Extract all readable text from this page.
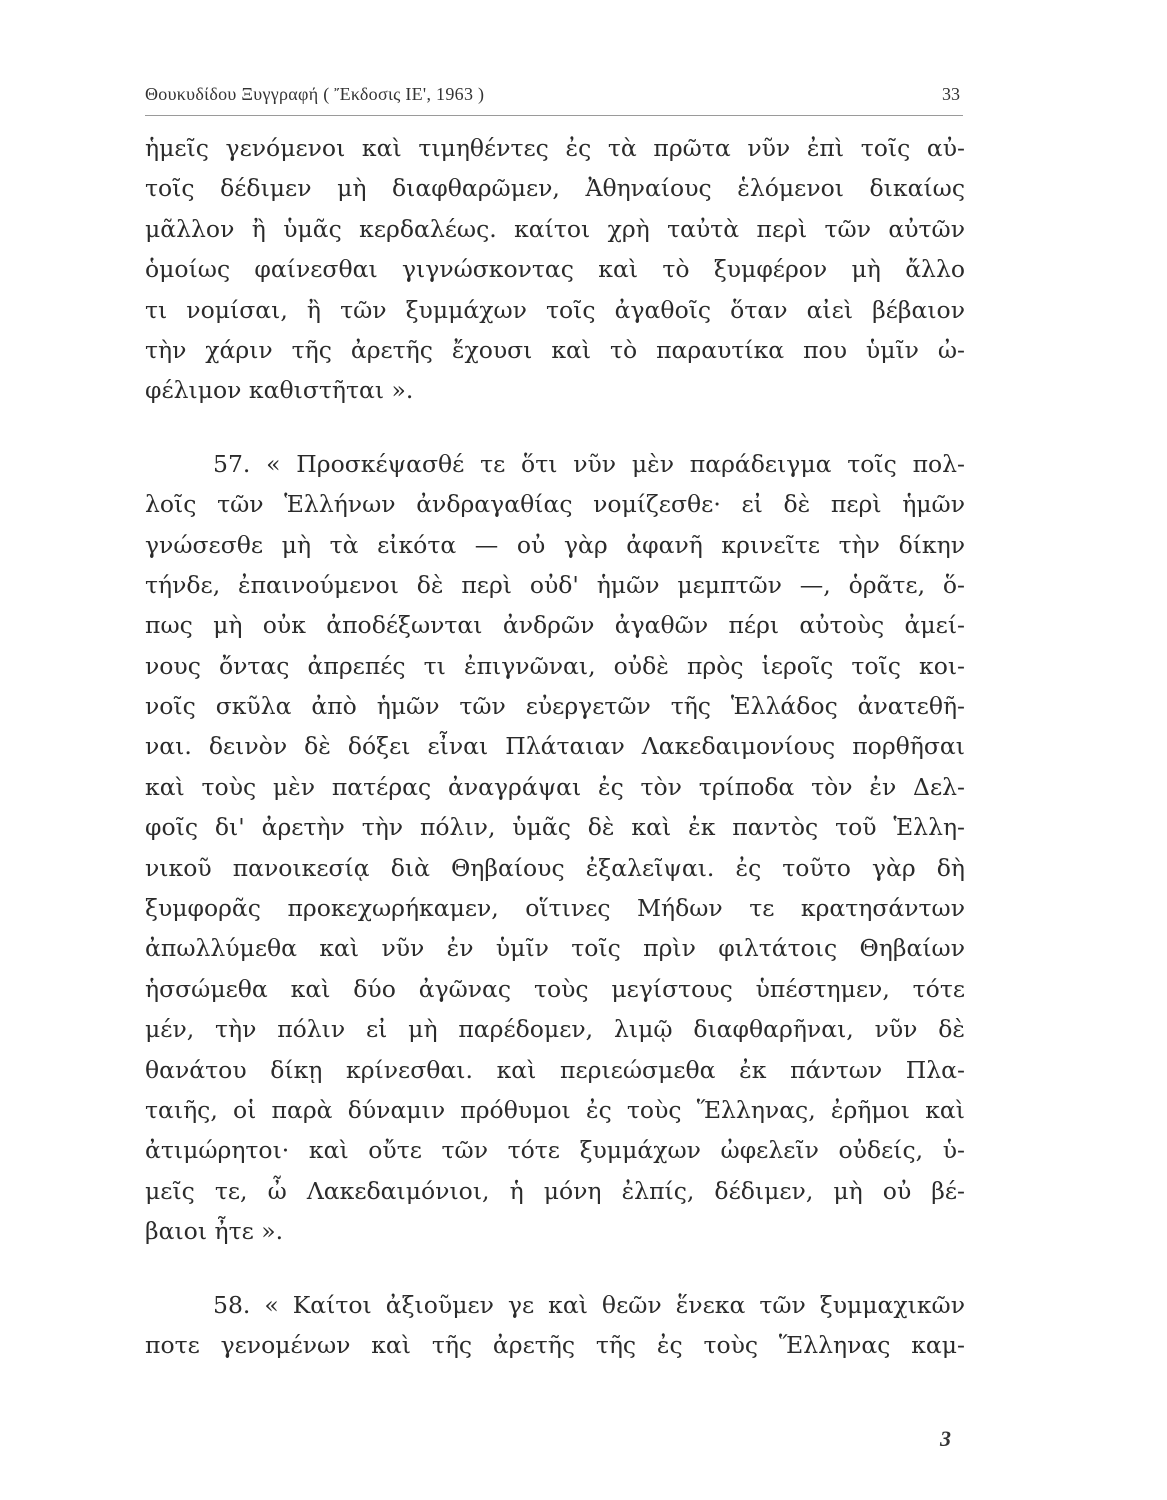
Θουκυδίδου Ξυγγραφή ( Ἔκδοσις ΙΕ', 1963 )	33
ἡμεῖς γενόμενοι καὶ τιμηθέντες ἐς τὰ πρῶτα νῦν ἐπὶ τοῖς αὐ-
τοῖς δέδιμεν μὴ διαφθαρῶμεν, Ἀθηναίους ἑλόμενοι δικαίως
μᾶλλον ἢ ὑμᾶς κερδαλέως. καίτοι χρὴ ταὐτὰ περὶ τῶν αὐτῶν
ὁμοίως φαίνεσθαι γιγνώσκοντας καὶ τὸ ξυμφέρον μὴ ἄλλο
τι νομίσαι, ἢ τῶν ξυμμάχων τοῖς ἀγαθοῖς ὅταν αἰεὶ βέβαιον
τὴν χάριν τῆς ἀρετῆς ἔχουσι καὶ τὸ παραυτίκα που ὑμῖν ὠ-
φέλιμον καθιστῆται ».
57. « Προσκέψασθέ τε ὅτι νῦν μὲν παράδειγμα τοῖς πολ-
λοῖς τῶν Ἑλλήνων ἀνδραγαθίας νομίζεσθε· εἰ δὲ περὶ ἡμῶν
γνώσεσθε μὴ τὰ εἰκότα — οὐ γὰρ ἀφανῆ κρινεῖτε τὴν δίκην
τήνδε, ἐπαινούμενοι δὲ περὶ οὐδ' ἡμῶν μεμπτῶν —, ὁρᾶτε, ὅ-
πως μὴ οὐκ ἀποδέξωνται ἀνδρῶν ἀγαθῶν πέρι αὐτοὺς ἀμεί-
νους ὄντας ἀπρεπές τι ἐπιγνῶναι, οὐδὲ πρὸς ἱεροῖς τοῖς κοι-
νοῖς σκῦλα ἀπὸ ἡμῶν τῶν εὐεργετῶν τῆς Ἑλλάδος ἀνατεθῆ-
ναι. δεινὸν δὲ δόξει εἶναι Πλάταιαν Λακεδαιμονίους πορθῆσαι
καὶ τοὺς μὲν πατέρας ἀναγράψαι ἐς τὸν τρίποδα τὸν ἐν Δελ-
φοῖς δι' ἀρετὴν τὴν πόλιν, ὑμᾶς δὲ καὶ ἐκ παντὸς τοῦ Ἑλλη-
νικοῦ πανοικεσίᾳ διὰ Θηβαίους ἐξαλεῖψαι. ἐς τοῦτο γὰρ δὴ
ξυμφορᾶς προκεχωρήκαμεν, οἵτινες Μήδων τε κρατησάντων
ἀπωλλύμεθα καὶ νῦν ἐν ὑμῖν τοῖς πρὶν φιλτάτοις Θηβαίων
ἡσσώμεθα καὶ δύο ἀγῶνας τοὺς μεγίστους ὑπέστημεν, τότε
μέν, τὴν πόλιν εἰ μὴ παρέδομεν, λιμῷ διαφθαρῆναι, νῦν δὲ
θανάτου δίκῃ κρίνεσθαι. καὶ περιεώσμεθα ἐκ πάντων Πλα-
ταιῆς, οἱ παρὰ δύναμιν πρόθυμοι ἐς τοὺς Ἕλληνας, ἐρῆμοι καὶ
ἀτιμώρητοι· καὶ οὔτε τῶν τότε ξυμμάχων ὠφελεῖν οὐδείς, ὑ-
μεῖς τε, ὦ Λακεδαιμόνιοι, ἡ μόνη ἐλπίς, δέδιμεν, μὴ οὐ βέ-
βαιοι ἦτε ».
58. « Καίτοι ἀξιοῦμεν γε καὶ θεῶν ἕνεκα τῶν ξυμμαχικῶν
ποτε γενομένων καὶ τῆς ἀρετῆς τῆς ἐς τοὺς Ἕλληνας καμ-
3
